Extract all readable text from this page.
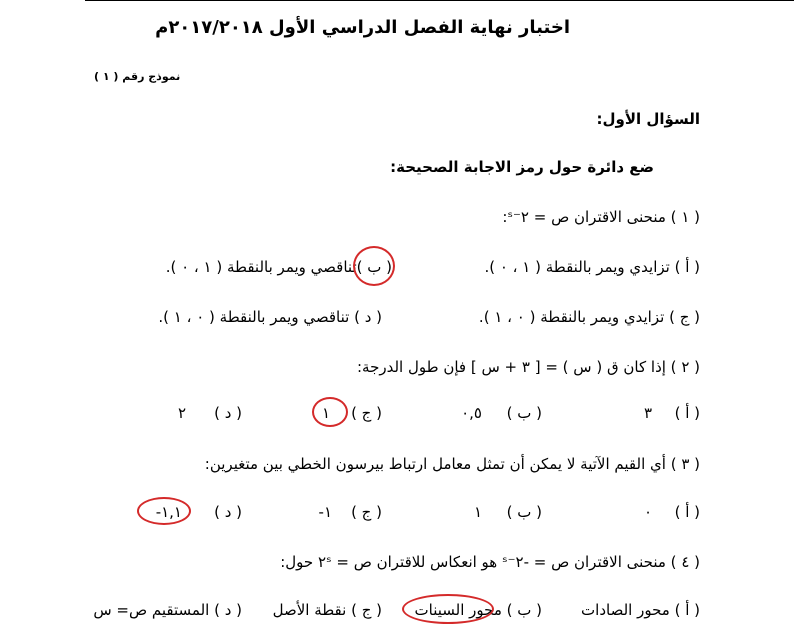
اختبار نهاية الفصل الدراسي الأول ٢٠١٧/٢٠١٨م
نموذج رقم ( ١ )
السؤال الأول:
ضع دائرة حول رمز الاجابة الصحيحة:
( ١ ) منحنى الاقتران ص = ٢⁻ˢ:
( أ ) تزايدي ويمر بالنقطة ( ١ ، ٠ ).
( ب )تناقصي ويمر بالنقطة ( ١ ، ٠ ).
( ج ) تزايدي ويمر بالنقطة ( ٠ ، ١ ).
( د ) تناقصي ويمر بالنقطة ( ٠ ، ١ ).
( ٢ ) إذا كان ق ( س ) = [ ٣ + س ] فإن طول الدرجة:
( أ )
٣
( ب )
٠,٥
( ج )
١
( د )
٢
( ٣ ) أي القيم الآتية لا يمكن أن تمثل معامل ارتباط بيرسون الخطي بين متغيرين:
( أ )
٠
( ب )
١
( ج )
-١
( د )
-١,١
( ٤ ) منحنى الاقتران ص = -٢⁻ˢ هو انعكاس للاقتران ص = ٢ˢ حول:
( أ ) محور الصادات
( ب ) محور السينات
( ج ) نقطة الأصل
( د ) المستقيم ص= س
